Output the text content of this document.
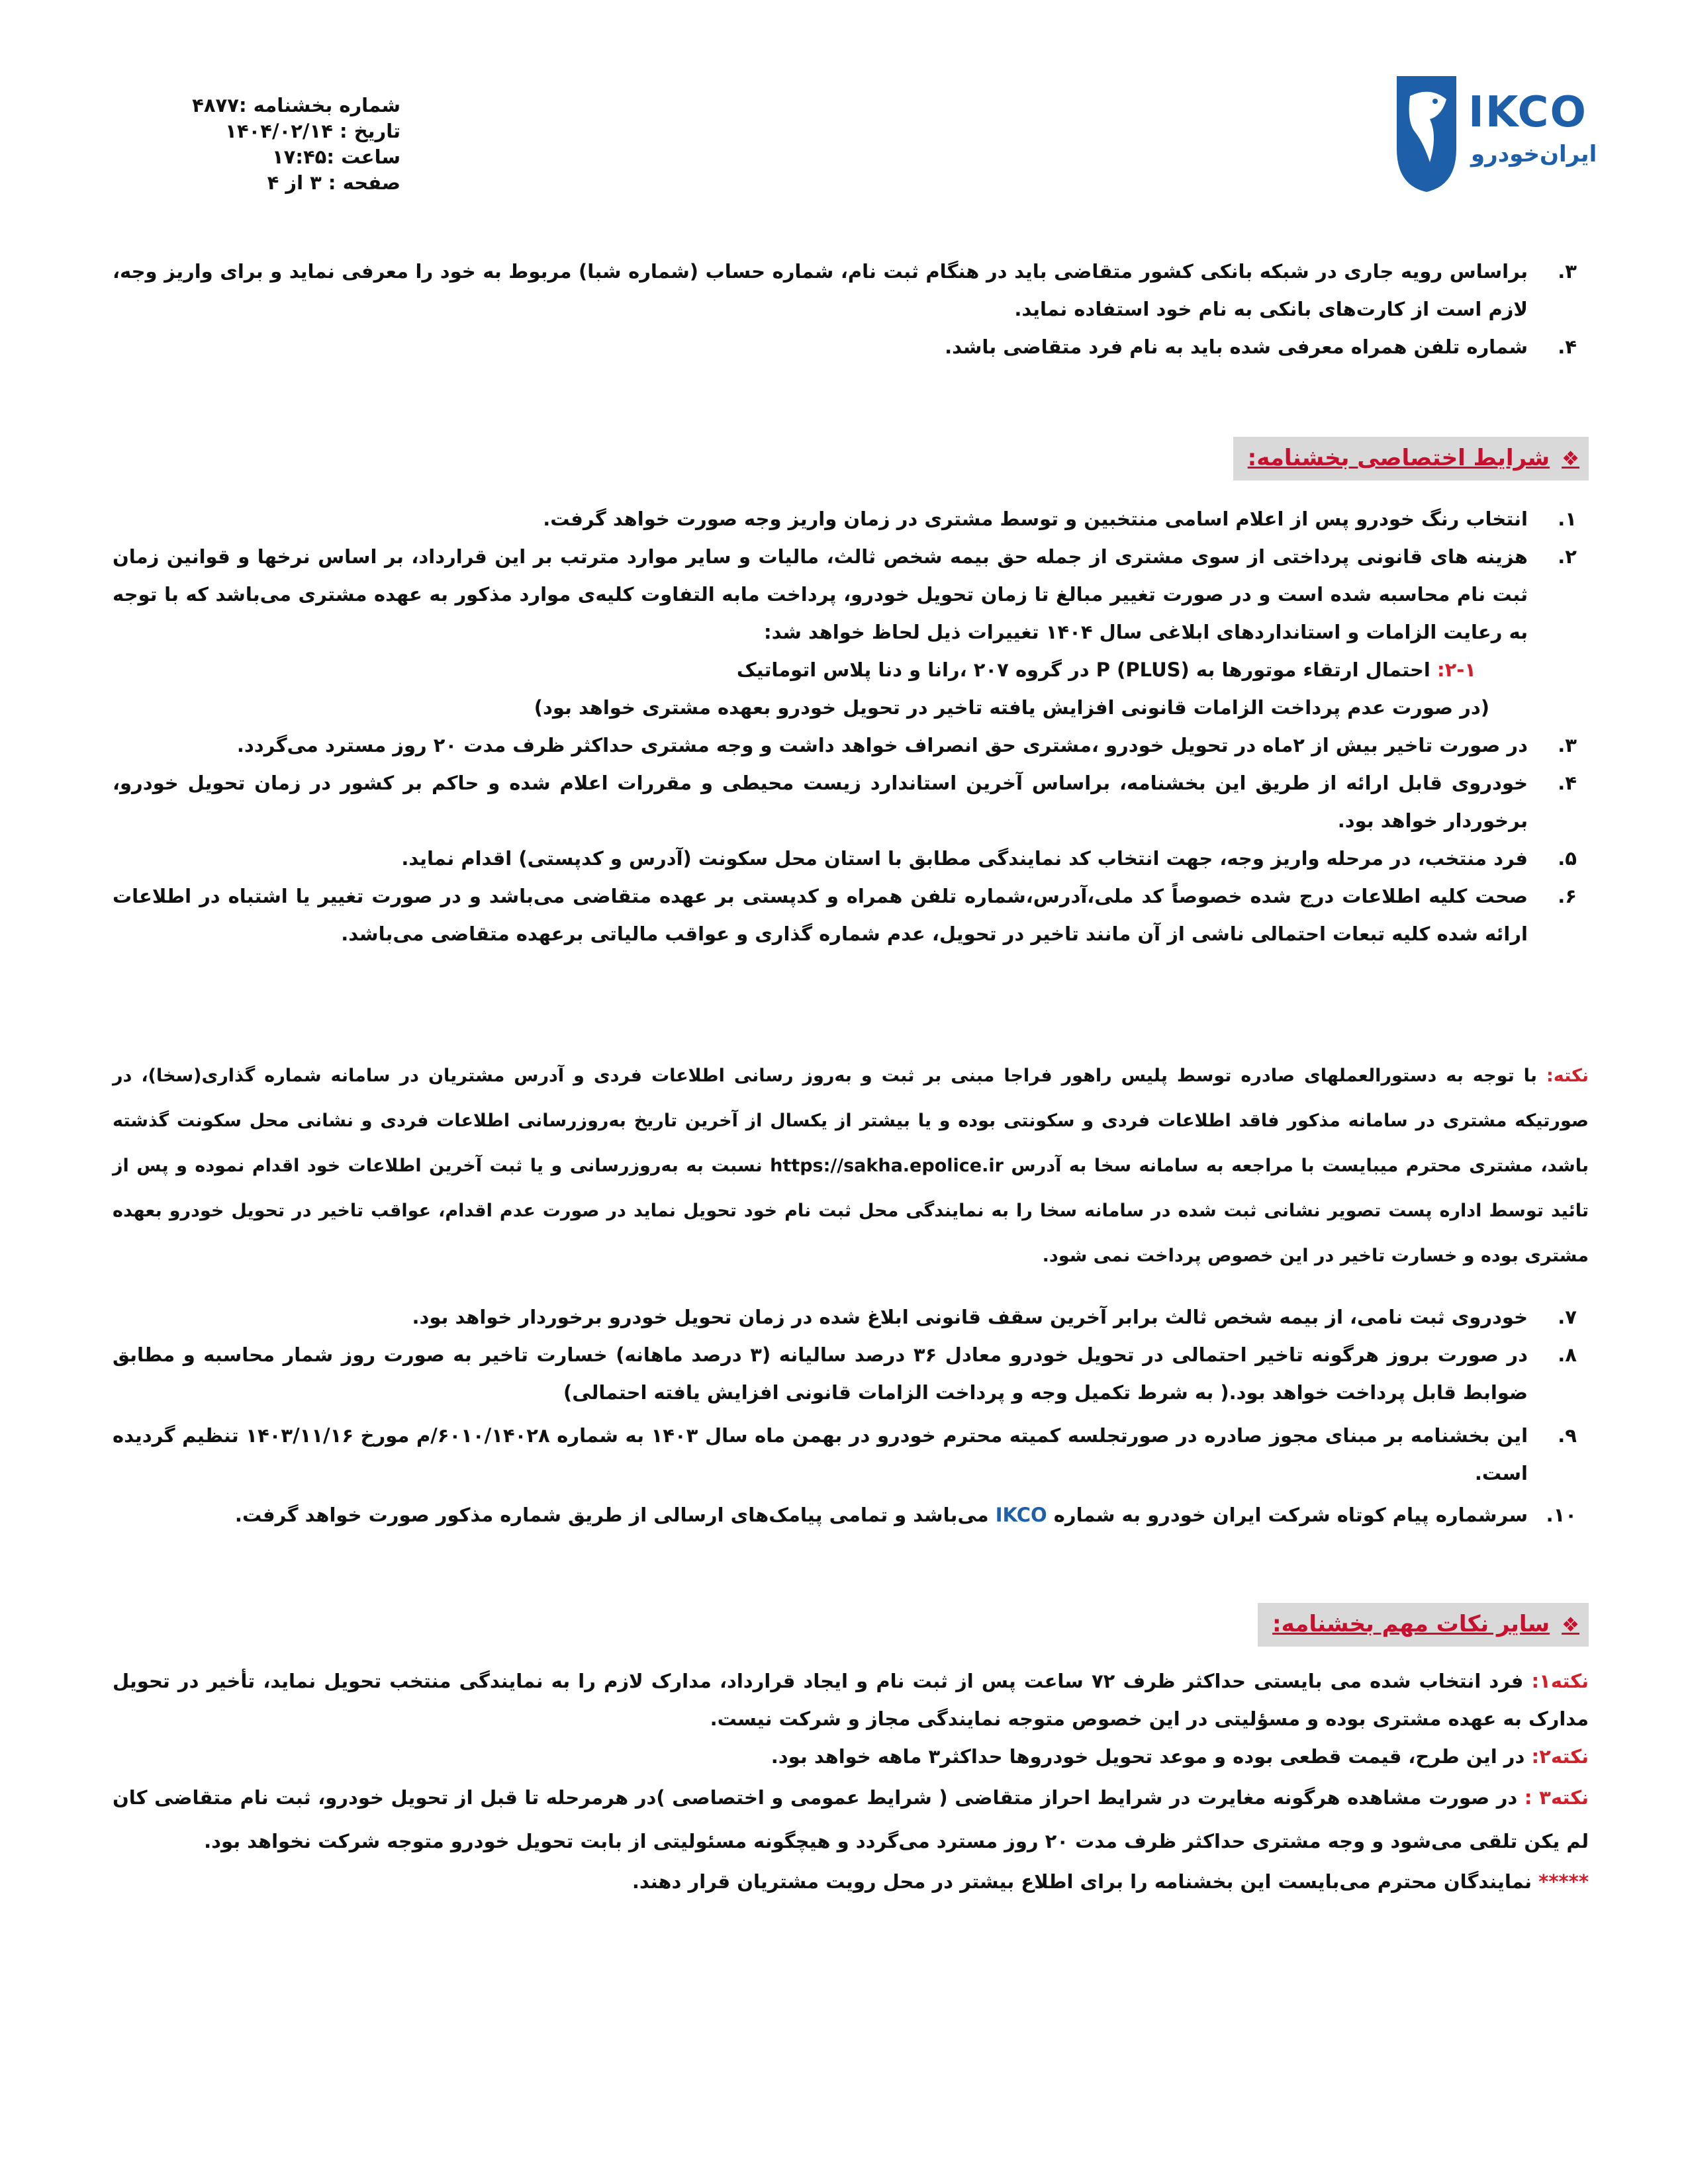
IKCO
ایران‌خودرو
شماره بخشنامه :۴۸۷۷
تاریخ : ۱۴۰۴/۰۲/۱۴
ساعت :۱۷:۴۵
صفحه : ۳ از ۴
۳.
براساس رویه جاری در شبکه بانکی کشور متقاضی باید در هنگام ثبت نام، شماره حساب (شماره شبا) مربوط به خود را معرفی نماید و برای واریز وجه، لازم است از کارت‌های بانکی به نام خود استفاده نماید.
۴.
شماره تلفن همراه معرفی شده باید به نام فرد متقاضی باشد.
❖شرایط اختصاصی بخشنامه:
۱.
انتخاب رنگ خودرو پس از اعلام اسامی منتخبین و توسط مشتری در زمان واریز وجه صورت خواهد گرفت.
۲.
هزینه های قانونی پرداختی از سوی مشتری از جمله حق بیمه شخص ثالث، مالیات و سایر موارد مترتب بر این قرارداد، بر اساس نرخها و قوانین زمان ثبت نام محاسبه شده است و در صورت تغییر مبالغ تا زمان تحویل خودرو، پرداخت مابه التفاوت کلیه‌ی موارد مذکور به عهده مشتری می‌باشد که با توجه به رعایت الزامات و استانداردهای ابلاغی سال ۱۴۰۴ تغییرات ذیل لحاظ خواهد شد:
۲-۱: احتمال ارتقاء موتورها به P (PLUS) در گروه ۲۰۷ ،رانا و دنا پلاس اتوماتیک
(در صورت عدم پرداخت الزامات قانونی افزایش یافته تاخیر در تحویل خودرو بعهده مشتری خواهد بود)
۳.
در صورت تاخیر بیش از ۲ماه در تحویل خودرو ،مشتری حق انصراف خواهد داشت و وجه مشتری حداکثر ظرف مدت ۲۰ روز مسترد می‌گردد.
۴.
خودروی قابل ارائه از طریق این بخشنامه، براساس آخرین استاندارد زیست محیطی و مقررات اعلام شده و حاکم بر کشور در زمان تحویل خودرو، برخوردار خواهد بود.
۵.
فرد منتخب، در مرحله واریز وجه، جهت انتخاب کد نمایندگی مطابق با استان محل سکونت (آدرس و کدپستی) اقدام نماید.
۶.
صحت کلیه اطلاعات درج شده خصوصاً کد ملی،آدرس،شماره تلفن همراه و کدپستی بر عهده متقاضی می‌باشد و در صورت تغییر یا اشتباه در اطلاعات ارائه شده کلیه تبعات احتمالی ناشی از آن مانند تاخیر در تحویل، عدم شماره گذاری و عواقب مالیاتی برعهده متقاضی می‌باشد.
نکته: با توجه به دستورالعملهای صادره توسط پلیس راهور فراجا مبنی بر ثبت و به‌روز رسانی اطلاعات فردی و آدرس مشتریان در سامانه شماره گذاری(سخا)، در صورتیکه مشتری در سامانه مذکور فاقد اطلاعات فردی و سکونتی بوده و یا بیشتر از یکسال از آخرین تاریخ به‌روزرسانی اطلاعات فردی و نشانی محل سکونت گذشته باشد، مشتری محترم میبایست با مراجعه به سامانه سخا به آدرس https://sakha.epolice.ir نسبت به به‌روزرسانی و یا ثبت آخرین اطلاعات خود اقدام نموده و پس از تائید توسط اداره پست تصویر نشانی ثبت شده در سامانه سخا را به نمایندگی محل ثبت نام خود تحویل نماید در صورت عدم اقدام، عواقب تاخیر در تحویل خودرو بعهده مشتری بوده و خسارت تاخیر در این خصوص پرداخت نمی شود.
۷.
خودروی ثبت نامی، از بیمه شخص ثالث برابر آخرین سقف قانونی ابلاغ شده در زمان تحویل خودرو برخوردار خواهد بود.
۸.
در صورت بروز هرگونه تاخیر احتمالی در تحویل خودرو معادل ۳۶ درصد سالیانه (۳ درصد ماهانه) خسارت تاخیر به صورت روز شمار محاسبه و مطابق ضوابط قابل پرداخت خواهد بود.( به شرط تکمیل وجه و پرداخت الزامات قانونی افزایش یافته احتمالی)
۹.
این بخشنامه بر مبنای مجوز صادره در صورتجلسه کمیته محترم خودرو در بهمن ماه سال ۱۴۰۳ به شماره ۶۰۱۰/۱۴۰۲۸/م مورخ ۱۴۰۳/۱۱/۱۶ تنظیم گردیده است.
۱۰.
سرشماره پیام کوتاه شرکت ایران خودرو به شماره IKCO می‌باشد و تمامی پیامک‌های ارسالی از طریق شماره مذکور صورت خواهد گرفت.
❖سایر نکات مهم بخشنامه:
نکته۱: فرد انتخاب شده می بایستی حداکثر ظرف ۷۲ ساعت پس از ثبت نام و ایجاد قرارداد، مدارک لازم را به نمایندگی منتخب تحویل نماید، تأخیر در تحویل مدارک به عهده مشتری بوده و مسؤلیتی در این خصوص متوجه نمایندگی مجاز و شرکت نیست.
نکته۲: در این طرح، قیمت قطعی بوده و موعد تحویل خودروها حداکثر۳ ماهه خواهد بود.
نکته۳ : در صورت مشاهده هرگونه مغایرت در شرایط احراز متقاضی ( شرایط عمومی و اختصاصی )در هرمرحله تا قبل از تحویل خودرو، ثبت نام متقاضی کان لم یکن تلقی می‌شود و وجه مشتری حداکثر ظرف مدت ۲۰ روز مسترد می‌گردد و هیچگونه مسئولیتی از بابت تحویل خودرو متوجه شرکت نخواهد بود.
***** نمایندگان محترم می‌بایست این بخشنامه را برای اطلاع بیشتر در محل رویت مشتریان قرار دهند.
